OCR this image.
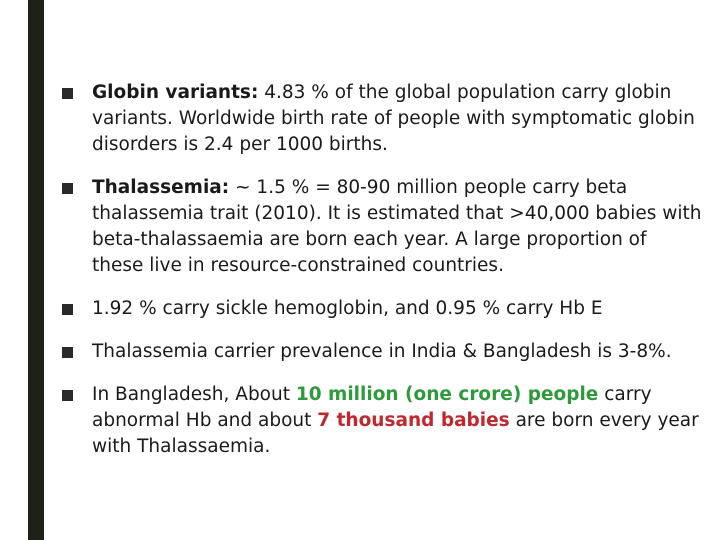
Globin variants: 4.83 % of the global population carry globin variants. Worldwide birth rate of people with symptomatic globin disorders is 2.4 per 1000 births.
Thalassemia: ~ 1.5 % = 80-90 million people carry beta thalassemia trait (2010). It is estimated that >40,000 babies with beta-thalassaemia are born each year. A large proportion of these live in resource-constrained countries.
1.92 % carry sickle hemoglobin, and 0.95 % carry Hb E
Thalassemia carrier prevalence in India & Bangladesh is 3-8%.
In Bangladesh, About 10 million (one crore) people carry abnormal Hb and about 7 thousand babies are born every year with Thalassaemia.
